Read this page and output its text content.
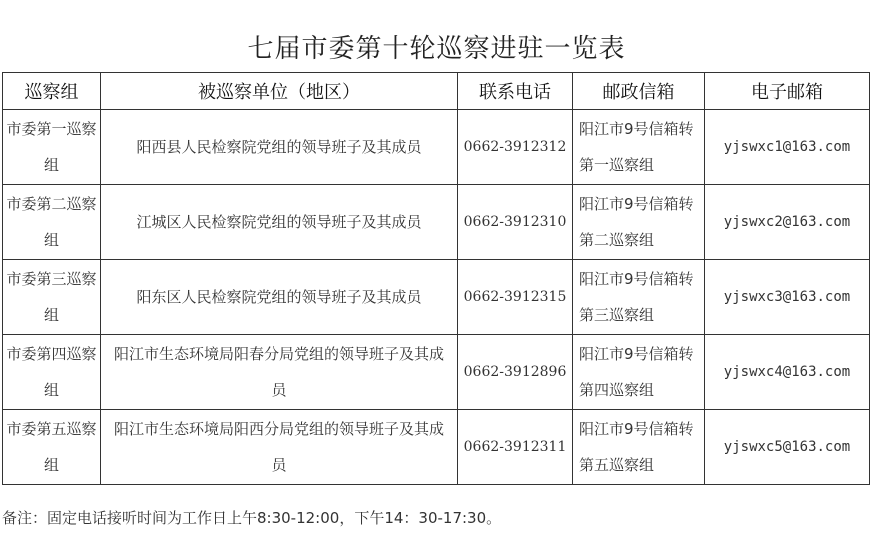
七届市委第十轮巡察进驻一览表
巡察组	被巡察单位（地区）	联系电话	邮政信箱	电子邮箱
市委第一巡察组	阳西县人民检察院党组的领导班子及其成员	0662-3912312	阳江市9号信箱转第一巡察组	yjswxc1@163.com
市委第二巡察组	江城区人民检察院党组的领导班子及其成员	0662-3912310	阳江市9号信箱转第二巡察组	yjswxc2@163.com
市委第三巡察组	阳东区人民检察院党组的领导班子及其成员	0662-3912315	阳江市9号信箱转第三巡察组	yjswxc3@163.com
市委第四巡察组	阳江市生态环境局阳春分局党组的领导班子及其成员	0662-3912896	阳江市9号信箱转第四巡察组	yjswxc4@163.com
市委第五巡察组	阳江市生态环境局阳西分局党组的领导班子及其成员	0662-3912311	阳江市9号信箱转第五巡察组	yjswxc5@163.com
备注：固定电话接听时间为工作日上午8:30-12:00，下午14：30-17:30。
